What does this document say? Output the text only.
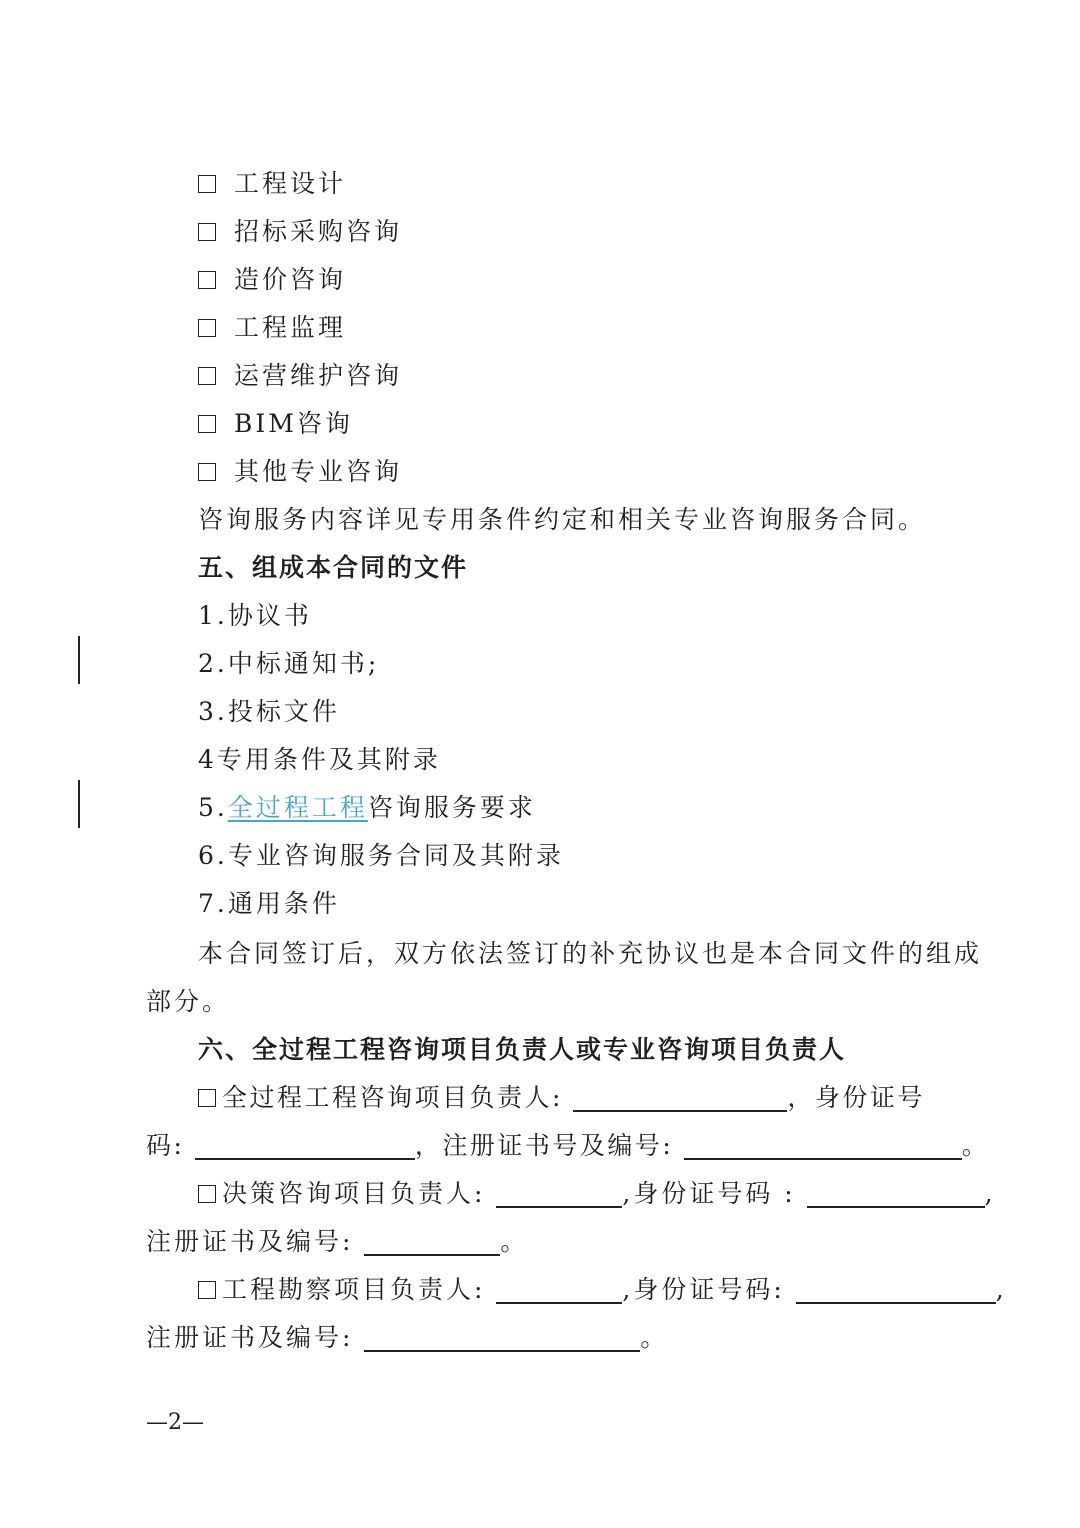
工程设计
招标采购咨询
造价咨询
工程监理
运营维护咨询
BIM咨询
其他专业咨询
咨询服务内容详见专用条件约定和相关专业咨询服务合同。
五、组成本合同的文件
1.协议书
2.中标通知书;
3.投标文件
4专用条件及其附录
5.全过程工程咨询服务要求
6.专业咨询服务合同及其附录
7.通用条件
本合同签订后，双方依法签订的补充协议也是本合同文件的组成
部分。
六、全过程工程咨询项目负责人或专业咨询项目负责人
全过程工程咨询项目负责人:	，身份证号
码:	，注册证书号及编号:	。
决策咨询项目负责人:	,身份证号码 :	,
注册证书及编号:	。
工程勘察项目负责人:	,身份证号码:	,
注册证书及编号:	。
—2—
